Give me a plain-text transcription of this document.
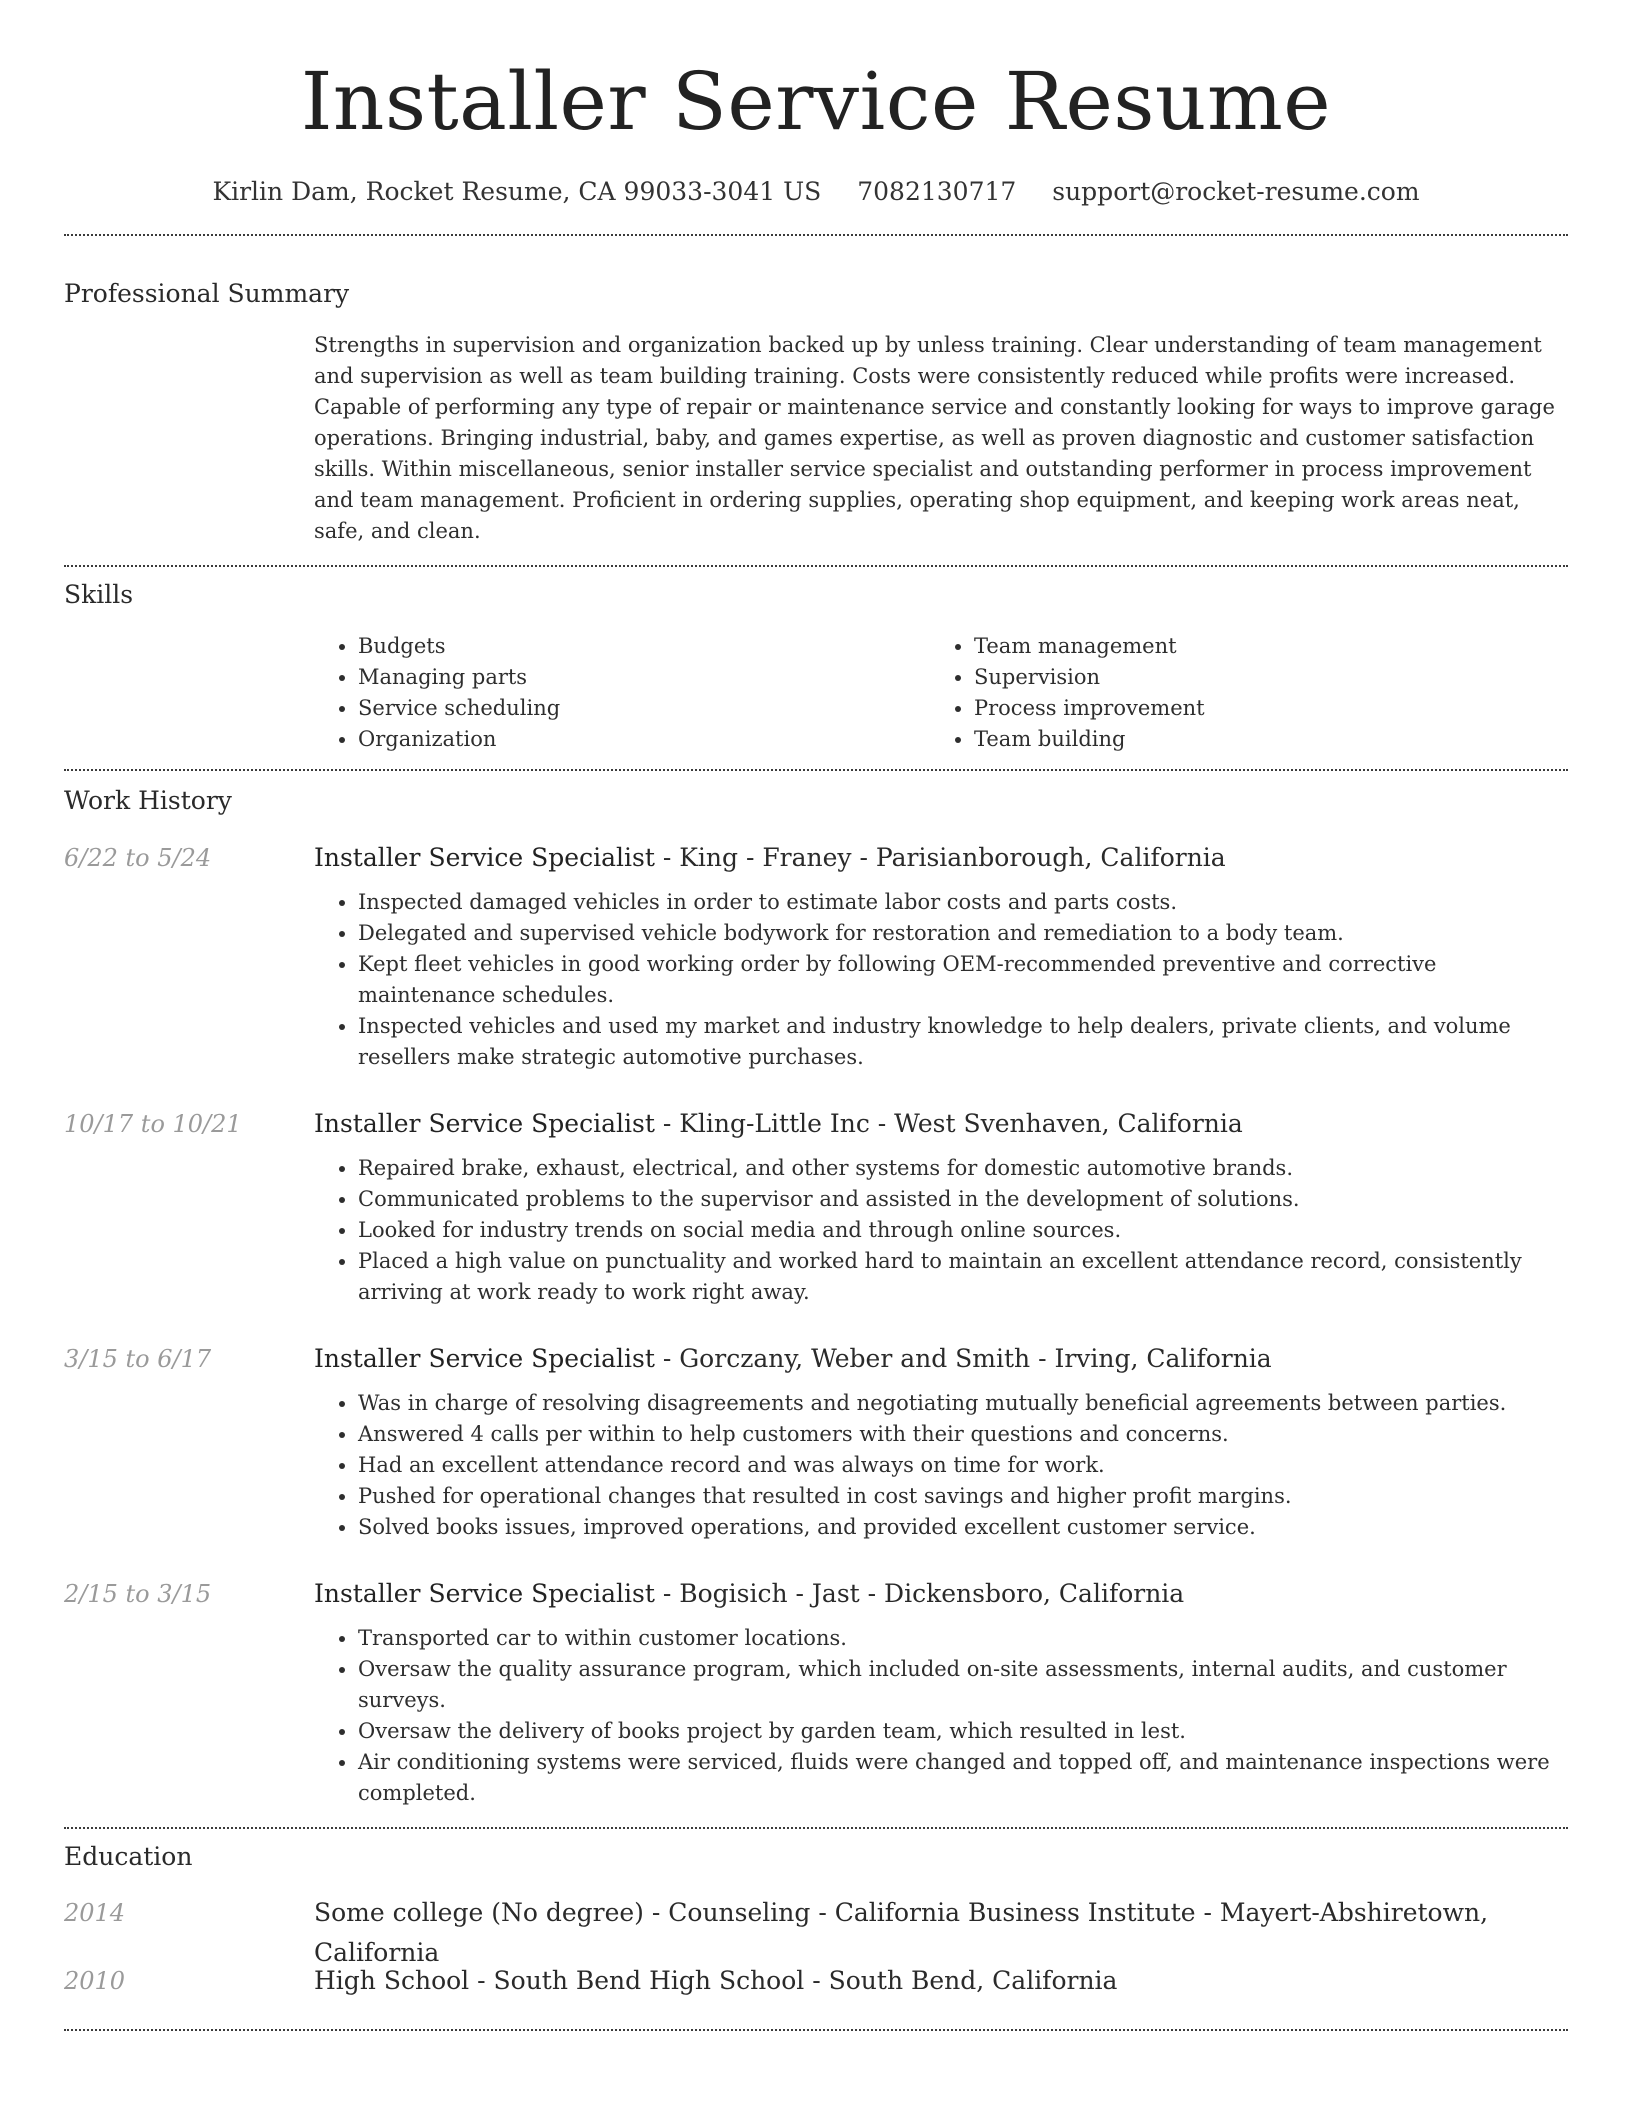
Installer Service Resume
Kirlin Dam, Rocket Resume, CA 99033-3041 US 7082130717 support@rocket-resume.com
Professional Summary
Strengths in supervision and organization backed up by unless training. Clear understanding of team management and supervision as well as team building training. Costs were consistently reduced while profits were increased. Capable of performing any type of repair or maintenance service and constantly looking for ways to improve garage operations. Bringing industrial, baby, and games expertise, as well as proven diagnostic and customer satisfaction skills. Within miscellaneous, senior installer service specialist and outstanding performer in process improvement and team management. Proficient in ordering supplies, operating shop equipment, and keeping work areas neat, safe, and clean.
Skills
• Budgets
• Managing parts
• Service scheduling
• Organization
• Team management
• Supervision
• Process improvement
• Team building
Work History
6/22 to 5/24	Installer Service Specialist - King - Franey - Parisianborough, California
• Inspected damaged vehicles in order to estimate labor costs and parts costs.
• Delegated and supervised vehicle bodywork for restoration and remediation to a body team.
• Kept fleet vehicles in good working order by following OEM-recommended preventive and corrective maintenance schedules.
• Inspected vehicles and used my market and industry knowledge to help dealers, private clients, and volume resellers make strategic automotive purchases.
10/17 to 10/21	Installer Service Specialist - Kling-Little Inc - West Svenhaven, California
• Repaired brake, exhaust, electrical, and other systems for domestic automotive brands.
• Communicated problems to the supervisor and assisted in the development of solutions.
• Looked for industry trends on social media and through online sources.
• Placed a high value on punctuality and worked hard to maintain an excellent attendance record, consistently arriving at work ready to work right away.
3/15 to 6/17	Installer Service Specialist - Gorczany, Weber and Smith - Irving, California
• Was in charge of resolving disagreements and negotiating mutually beneficial agreements between parties.
• Answered 4 calls per within to help customers with their questions and concerns.
• Had an excellent attendance record and was always on time for work.
• Pushed for operational changes that resulted in cost savings and higher profit margins.
• Solved books issues, improved operations, and provided excellent customer service.
2/15 to 3/15	Installer Service Specialist - Bogisich - Jast - Dickensboro, California
• Transported car to within customer locations.
• Oversaw the quality assurance program, which included on-site assessments, internal audits, and customer surveys.
• Oversaw the delivery of books project by garden team, which resulted in lest.
• Air conditioning systems were serviced, fluids were changed and topped off, and maintenance inspections were completed.
Education
2014	Some college (No degree) - Counseling - California Business Institute - Mayert-Abshiretown, California
2010	High School - South Bend High School - South Bend, California
